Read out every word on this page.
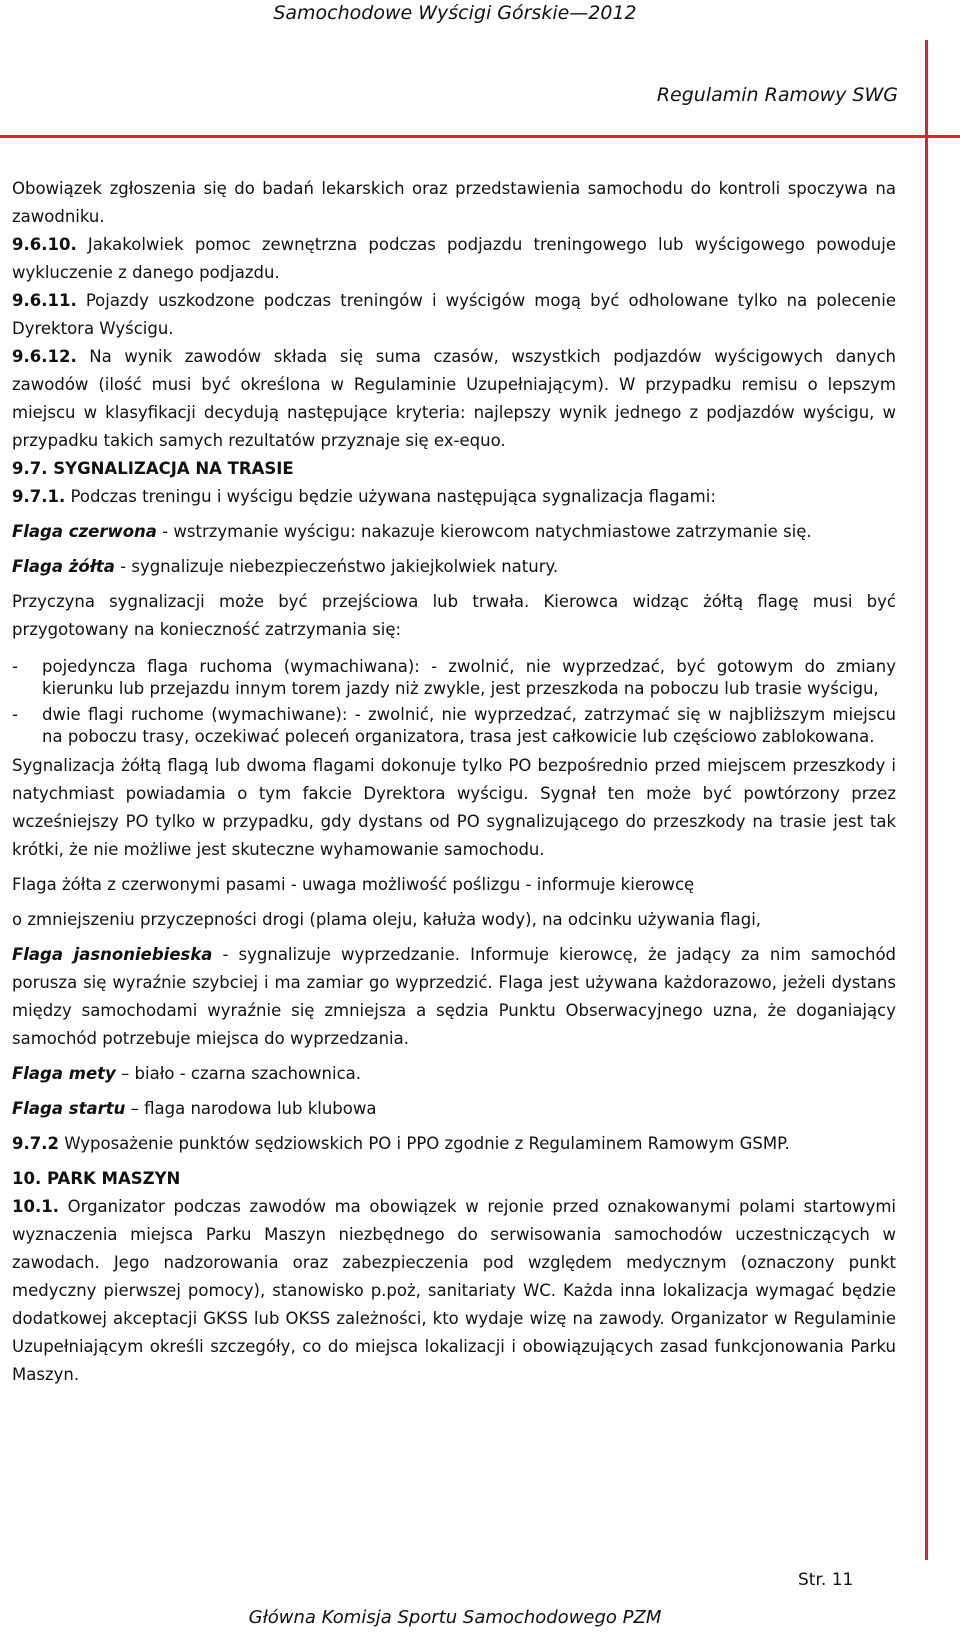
Samochodowe Wyścigi Górskie—2012
Regulamin Ramowy SWG

Obowiązek zgłoszenia się do badań lekarskich oraz przedstawienia samochodu do kontroli spoczywa na zawodniku.

9.6.10. Jakakolwiek pomoc zewnętrzna podczas podjazdu treningowego lub wyścigowego powoduje wykluczenie z danego podjazdu.

9.6.11. Pojazdy uszkodzone podczas treningów i wyścigów mogą być odholowane tylko na polecenie Dyrektora Wyścigu.

9.6.12. Na wynik zawodów składa się suma czasów, wszystkich podjazdów wyścigowych danych zawodów (ilość musi być określona w Regulaminie Uzupełniającym). W przypadku remisu o lepszym miejscu w klasyfikacji decydują następujące kryteria: najlepszy wynik jednego z podjazdów wyścigu, w przypadku takich samych rezultatów przyznaje się ex-equo.

9.7. SYGNALIZACJA NA TRASIE

9.7.1. Podczas treningu i wyścigu będzie używana następująca sygnalizacja flagami:

Flaga czerwona - wstrzymanie wyścigu: nakazuje kierowcom natychmiastowe zatrzymanie się.

Flaga żółta - sygnalizuje niebezpieczeństwo jakiejkolwiek natury.

Przyczyna sygnalizacji może być przejściowa lub trwała. Kierowca widząc żółtą flagę musi być przygotowany na konieczność zatrzymania się:

-	pojedyncza flaga ruchoma (wymachiwana): - zwolnić, nie wyprzedzać, być gotowym do zmiany kierunku lub przejazdu innym torem jazdy niż zwykle, jest przeszkoda na poboczu lub trasie wyścigu,
-	dwie flagi ruchome (wymachiwane): - zwolnić, nie wyprzedzać, zatrzymać się w najbliższym miejscu na poboczu trasy, oczekiwać poleceń organizatora, trasa jest całkowicie lub częściowo zablokowana.

Sygnalizacja żółtą flagą lub dwoma flagami dokonuje tylko PO bezpośrednio przed miejscem przeszkody i natychmiast powiadamia o tym fakcie Dyrektora wyścigu. Sygnał ten może być powtórzony przez wcześniejszy PO tylko w przypadku, gdy dystans od PO sygnalizującego do przeszkody na trasie jest tak krótki, że nie możliwe jest skuteczne wyhamowanie samochodu.

Flaga żółta z czerwonymi pasami - uwaga możliwość poślizgu - informuje kierowcę

o zmniejszeniu przyczepności drogi (plama oleju, kałuża wody), na odcinku używania flagi,

Flaga jasnoniebieska - sygnalizuje wyprzedzanie. Informuje kierowcę, że jadący za nim samochód porusza się wyraźnie szybciej i ma zamiar go wyprzedzić. Flaga jest używana każdorazowo, jeżeli dystans między samochodami wyraźnie się zmniejsza a sędzia Punktu Obserwacyjnego uzna, że doganiający samochód potrzebuje miejsca do wyprzedzania.

Flaga mety – biało - czarna szachownica.

Flaga startu – flaga narodowa lub klubowa

9.7.2 Wyposażenie punktów sędziowskich PO i PPO zgodnie z Regulaminem Ramowym GSMP.

10. PARK MASZYN

10.1. Organizator podczas zawodów ma obowiązek w rejonie przed oznakowanymi polami startowymi wyznaczenia miejsca Parku Maszyn niezbędnego do serwisowania samochodów uczestniczących w zawodach. Jego nadzorowania oraz zabezpieczenia pod względem medycznym (oznaczony punkt medyczny pierwszej pomocy), stanowisko p.poż, sanitariaty WC. Każda inna lokalizacja wymagać będzie dodatkowej akceptacji GKSS lub OKSS zależności, kto wydaje wizę na zawody. Organizator w Regulaminie Uzupełniającym określi szczegóły, co do miejsca lokalizacji i obowiązujących zasad funkcjonowania Parku Maszyn.

Str. 11
Główna Komisja Sportu Samochodowego PZM
